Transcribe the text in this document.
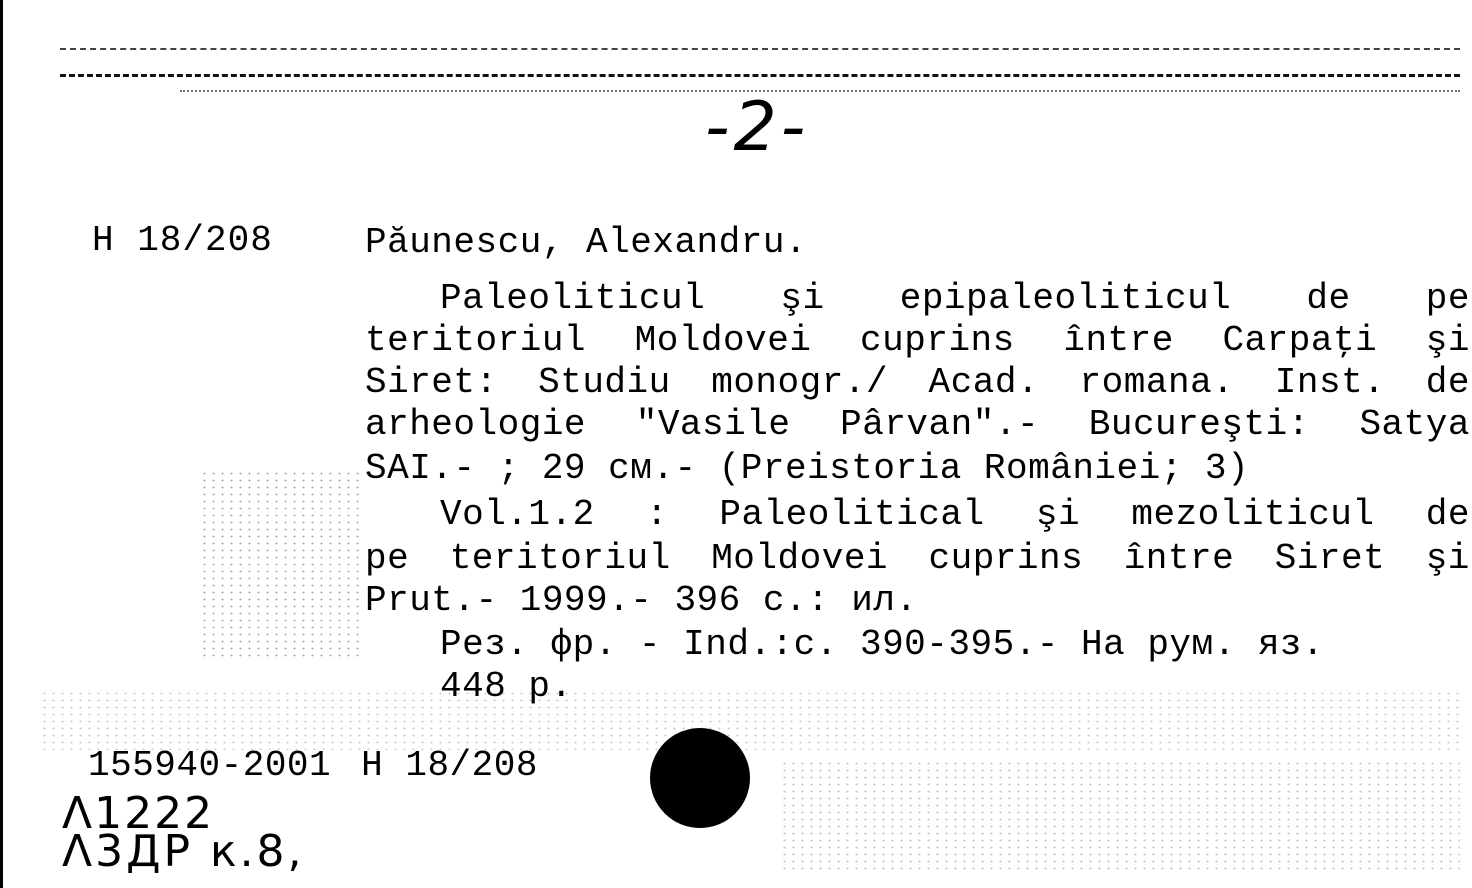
-2-
H 18/208	Păunescu, Alexandru.
Paleoliticul şi epipaleoliticul de pe
teritoriul Moldovei cuprins între Carpaţi şi
Siret: Studiu monogr./ Acad. romana. Inst. de
arheologie "Vasile Pârvan".- Bucureşti: Satya
SAI.- ; 29 см.- (Preistoria României; 3)
Vol.1.2 : Paleolitical şi mezoliticul de
pe teritoriul Moldovei cuprins între Siret şi
Prut.- 1999.- 396 с.: ил.
Рез. фр. - Ind.:с. 390-395.- На рум. яз.
448 р.
155940-2001 H 18/208
Λ1222
Λ3ДР к.8,
